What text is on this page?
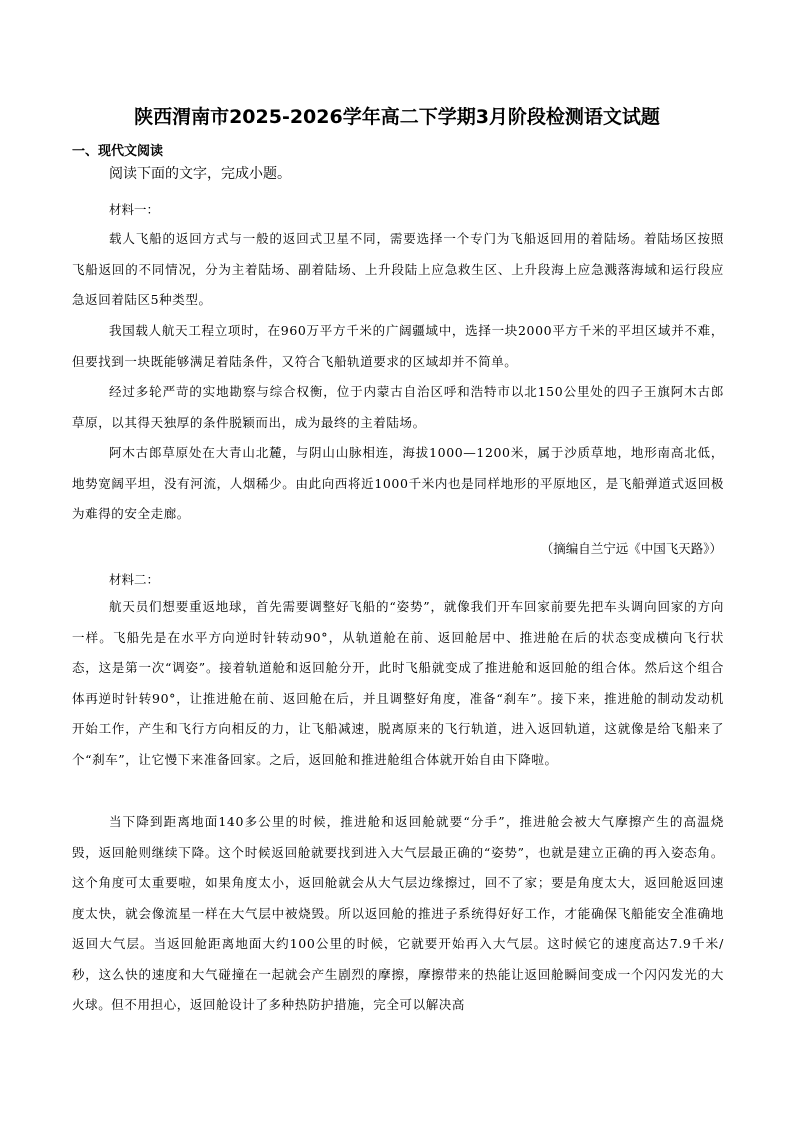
陕西渭南市2025-2026学年高二下学期3月阶段检测语文试题
一、现代文阅读
阅读下面的文字，完成小题。
材料一：
载人飞船的返回方式与一般的返回式卫星不同，需要选择一个专门为飞船返回用的着陆场。着陆场区按照飞船返回的不同情况，分为主着陆场、副着陆场、上升段陆上应急救生区、上升段海上应急溅落海域和运行段应急返回着陆区5种类型。
我国载人航天工程立项时，在960万平方千米的广阔疆域中，选择一块2000平方千米的平坦区域并不难，但要找到一块既能够满足着陆条件，又符合飞船轨道要求的区域却并不简单。
经过多轮严苛的实地勘察与综合权衡，位于内蒙古自治区呼和浩特市以北150公里处的四子王旗阿木古郎草原，以其得天独厚的条件脱颖而出，成为最终的主着陆场。
阿木古郎草原处在大青山北麓，与阴山山脉相连，海拔1000—1200米，属于沙质草地，地形南高北低，地势宽阔平坦，没有河流，人烟稀少。由此向西将近1000千米内也是同样地形的平原地区，是飞船弹道式返回极为难得的安全走廊。
（摘编自兰宁远《中国飞天路》）
材料二：
航天员们想要重返地球，首先需要调整好飞船的“姿势”，就像我们开车回家前要先把车头调向回家的方向一样。飞船先是在水平方向逆时针转动90°，从轨道舱在前、返回舱居中、推进舱在后的状态变成横向飞行状态，这是第一次“调姿”。接着轨道舱和返回舱分开，此时飞船就变成了推进舱和返回舱的组合体。然后这个组合体再逆时针转90°，让推进舱在前、返回舱在后，并且调整好角度，准备“刹车”。接下来，推进舱的制动发动机开始工作，产生和飞行方向相反的力，让飞船减速，脱离原来的飞行轨道，进入返回轨道，这就像是给飞船来了个“刹车”，让它慢下来准备回家。之后，返回舱和推进舱组合体就开始自由下降啦。
当下降到距离地面140多公里的时候，推进舱和返回舱就要“分手”，推进舱会被大气摩擦产生的高温烧毁，返回舱则继续下降。这个时候返回舱就要找到进入大气层最正确的“姿势”，也就是建立正确的再入姿态角。这个角度可太重要啦，如果角度太小，返回舱就会从大气层边缘擦过，回不了家；要是角度太大，返回舱返回速度太快，就会像流星一样在大气层中被烧毁。所以返回舱的推进子系统得好好工作，才能确保飞船能安全准确地返回大气层。当返回舱距离地面大约100公里的时候，它就要开始再入大气层。这时候它的速度高达7.9千米/秒，这么快的速度和大气碰撞在一起就会产生剧烈的摩擦，摩擦带来的热能让返回舱瞬间变成一个闪闪发光的大火球。但不用担心，返回舱设计了多种热防护措施，完全可以解决高
